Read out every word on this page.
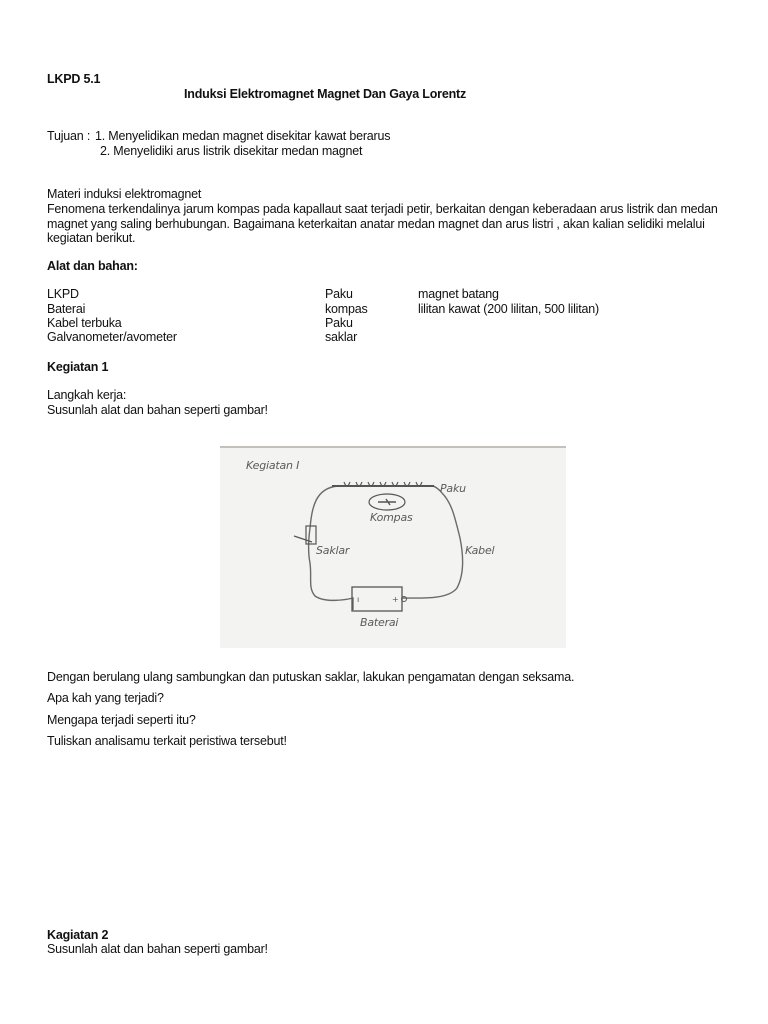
LKPD 5.1
Induksi Elektromagnet Magnet Dan Gaya Lorentz
Tujuan : 1. Menyelidikan medan magnet disekitar kawat berarus
2. Menyelidiki arus listrik disekitar medan magnet
Materi induksi elektromagnet
Fenomena terkendalinya jarum kompas pada kapallaut saat terjadi petir, berkaitan dengan keberadaan arus listrik dan medan magnet yang saling berhubungan. Bagaimana keterkaitan anatar medan magnet dan arus listri , akan kalian selidiki melalui kegiatan berikut.
Alat dan bahan:
LKPD
Baterai
Kabel terbuka
Galvanometer/avometer
Paku
kompas
Paku
saklar
magnet batang
lilitan kawat (200 lilitan, 500 lilitan)
Kegiatan 1
Langkah kerja:
Susunlah alat dan bahan seperti gambar!
Kegiatan I
Paku
Kompas
Saklar	Kabel
ı	+
Baterai
Dengan berulang ulang sambungkan dan putuskan saklar, lakukan pengamatan dengan seksama.
Apa kah yang terjadi?
Mengapa terjadi seperti itu?
Tuliskan analisamu terkait peristiwa tersebut!
Kagiatan 2
Susunlah alat dan bahan seperti gambar!
